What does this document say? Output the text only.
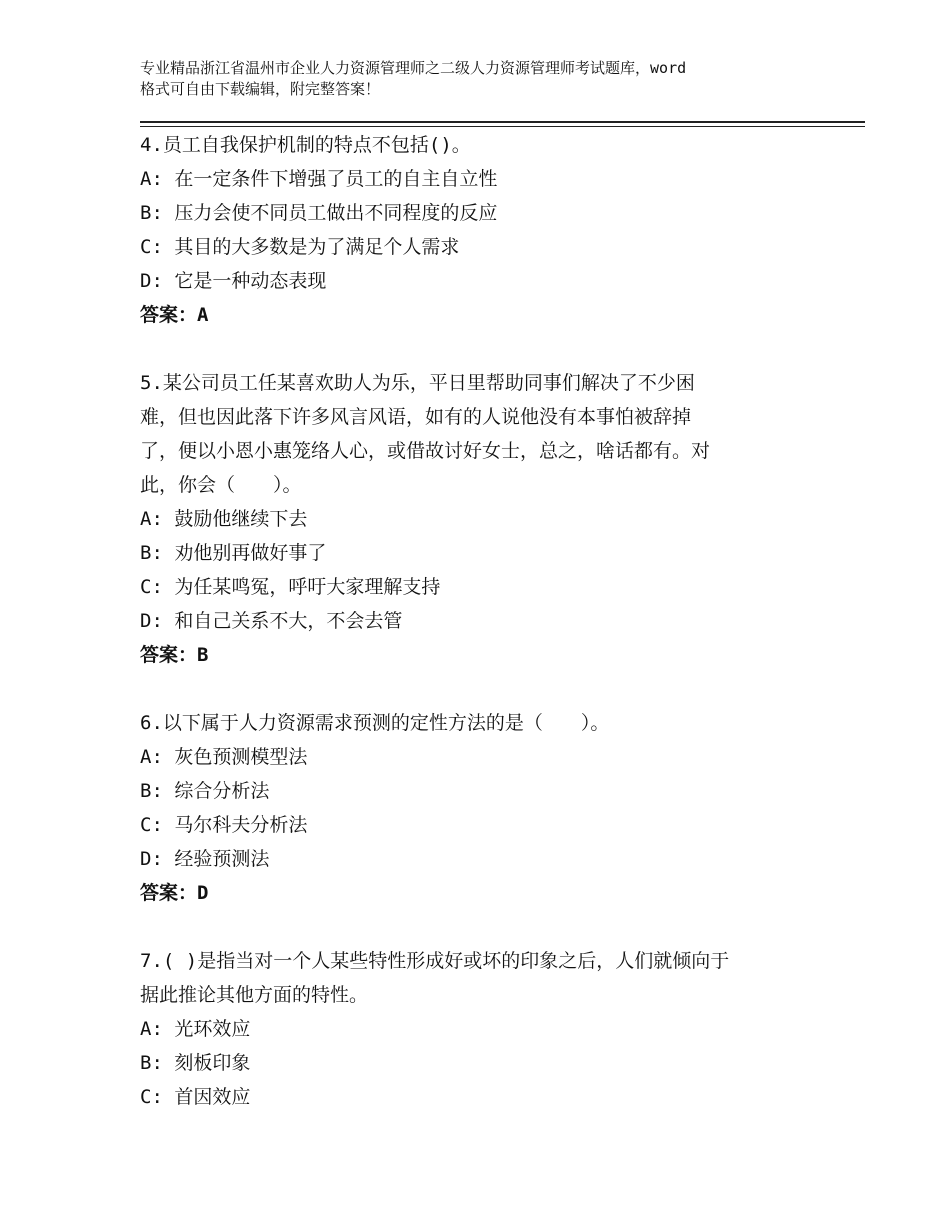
专业精品浙江省温州市企业人力资源管理师之二级人力资源管理师考试题库，word
格式可自由下载编辑，附完整答案！

4.员工自我保护机制的特点不包括()。

A: 在一定条件下增强了员工的自主自立性

B: 压力会使不同员工做出不同程度的反应

C: 其目的大多数是为了满足个人需求

D: 它是一种动态表现

答案：A

5.某公司员工任某喜欢助人为乐，平日里帮助同事们解决了不少困

难，但也因此落下许多风言风语，如有的人说他没有本事怕被辞掉

了，便以小恩小惠笼络人心，或借故讨好女士，总之，啥话都有。对

此，你会（　　）。

A: 鼓励他继续下去

B: 劝他别再做好事了

C: 为任某鸣冤，呼吁大家理解支持

D: 和自己关系不大，不会去管

答案：B

6.以下属于人力资源需求预测的定性方法的是（　　）。

A: 灰色预测模型法

B: 综合分析法

C: 马尔科夫分析法

D: 经验预测法

答案：D

7.( )是指当对一个人某些特性形成好或坏的印象之后，人们就倾向于

据此推论其他方面的特性。

A: 光环效应

B: 刻板印象

C: 首因效应
